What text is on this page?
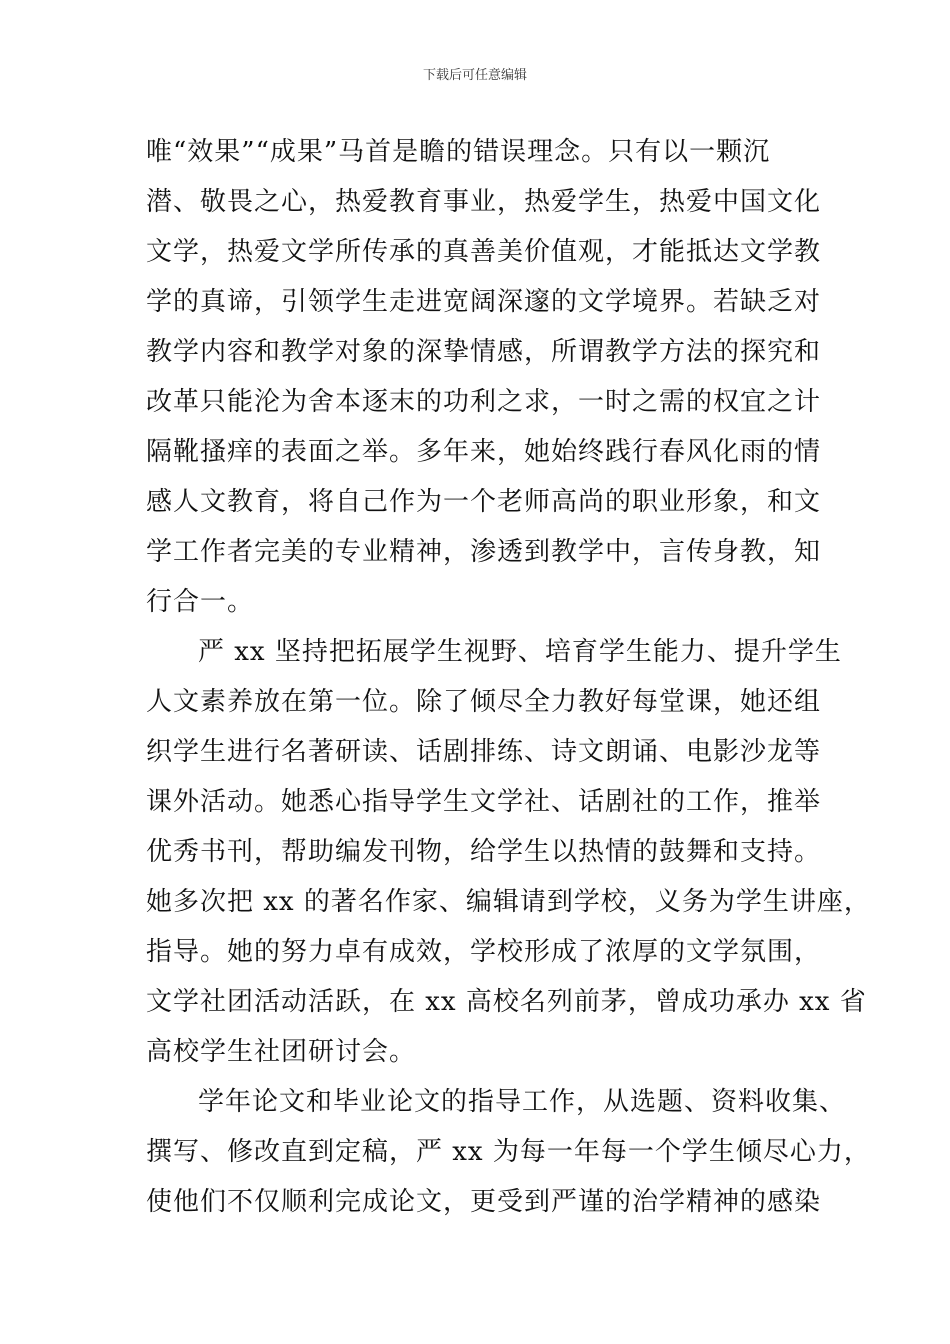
下载后可任意编辑
唯“效果”“成果”马首是瞻的错误理念。只有以一颗沉
潜、敬畏之心，热爱教育事业，热爱学生，热爱中国文化
文学，热爱文学所传承的真善美价值观，才能抵达文学教
学的真谛，引领学生走进宽阔深邃的文学境界。若缺乏对
教学内容和教学对象的深挚情感，所谓教学方法的探究和
改革只能沦为舍本逐末的功利之求，一时之需的权宜之计
隔靴搔痒的表面之举。多年来，她始终践行春风化雨的情
感人文教育，将自己作为一个老师高尚的职业形象，和文
学工作者完美的专业精神，渗透到教学中，言传身教，知
行合一。
严 xx 坚持把拓展学生视野、培育学生能力、提升学生
人文素养放在第一位。除了倾尽全力教好每堂课，她还组
织学生进行名著研读、话剧排练、诗文朗诵、电影沙龙等
课外活动。她悉心指导学生文学社、话剧社的工作，推举
优秀书刊，帮助编发刊物，给学生以热情的鼓舞和支持。
她多次把 xx 的著名作家、编辑请到学校，义务为学生讲座，
指导。她的努力卓有成效，学校形成了浓厚的文学氛围，
文学社团活动活跃，在 xx 高校名列前茅，曾成功承办 xx 省
高校学生社团研讨会。
学年论文和毕业论文的指导工作，从选题、资料收集、
撰写、修改直到定稿，严 xx 为每一年每一个学生倾尽心力，
使他们不仅顺利完成论文，更受到严谨的治学精神的感染
